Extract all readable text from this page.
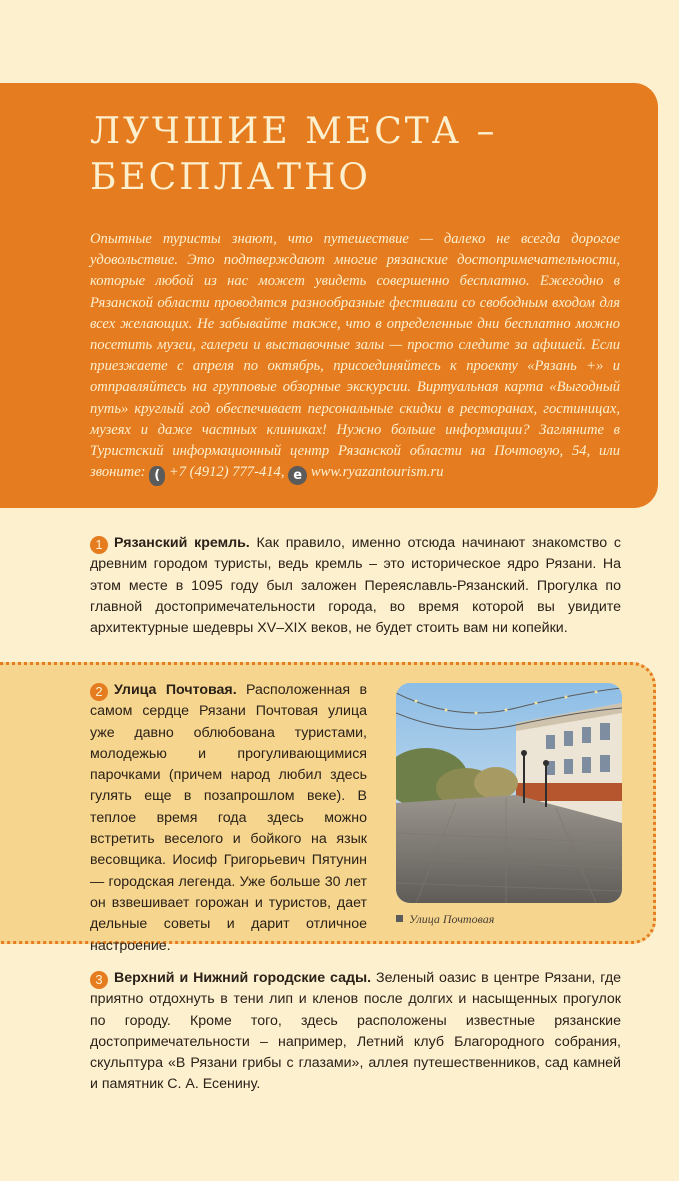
ЛУЧШИЕ МЕСТА –
БЕСПЛАТНО

Опытные туристы знают, что путешествие — далеко не всегда дорогое удовольствие. Это подтверждают многие рязанские достопримечательности, которые любой из нас может увидеть совершенно бесплатно. Ежегодно в Рязанской области проводятся разнообразные фестивали со свободным входом для всех желающих. Не забывайте также, что в определенные дни бесплатно можно посетить музеи, галереи и выставочные залы — просто следите за афишей. Если приезжаете с апреля по октябрь, присоединяйтесь к проекту «Рязань +» и отправляйтесь на групповые обзорные экскурсии. Виртуальная карта «Выгодный путь» круглый год обеспечивает персональные скидки в ресторанах, гостиницах, музеях и даже частных клиниках! Нужно больше информации? Загляните в Туристский информационный центр Рязанской области на Почтовую, 54, или звоните: ( +7 (4912) 777-414, e www.ryazantourism.ru

1 Рязанский кремль. Как правило, именно отсюда начинают знакомство с древним городом туристы, ведь кремль – это историческое ядро Рязани. На этом месте в 1095 году был заложен Переяславль-Рязанский. Прогулка по главной достопримечательности города, во время которой вы увидите архитектурные шедевры XV–XIX веков, не будет стоить вам ни копейки.
2 Улица Почтовая. Расположенная в самом сердце Рязани Почтовая улица уже давно облюбована туристами, молодежью и прогуливающимися парочками (причем народ любил здесь гулять еще в позапрошлом веке). В теплое время года здесь можно встретить веселого и бойкого на язык весовщика. Иосиф Григорьевич Пятунин — городская легенда. Уже больше 30 лет он взвешивает горожан и туристов, дает дельные советы и дарит отличное настроение.
Улица Почтовая
3 Верхний и Нижний городские сады. Зеленый оазис в центре Рязани, где приятно отдохнуть в тени лип и кленов после долгих и насыщенных прогулок по городу. Кроме того, здесь расположены известные рязанские достопримечательности – например, Летний клуб Благородного собрания, скульптура «В Рязани грибы с глазами», аллея путешественников, сад камней и памятник С. А. Есенину.
